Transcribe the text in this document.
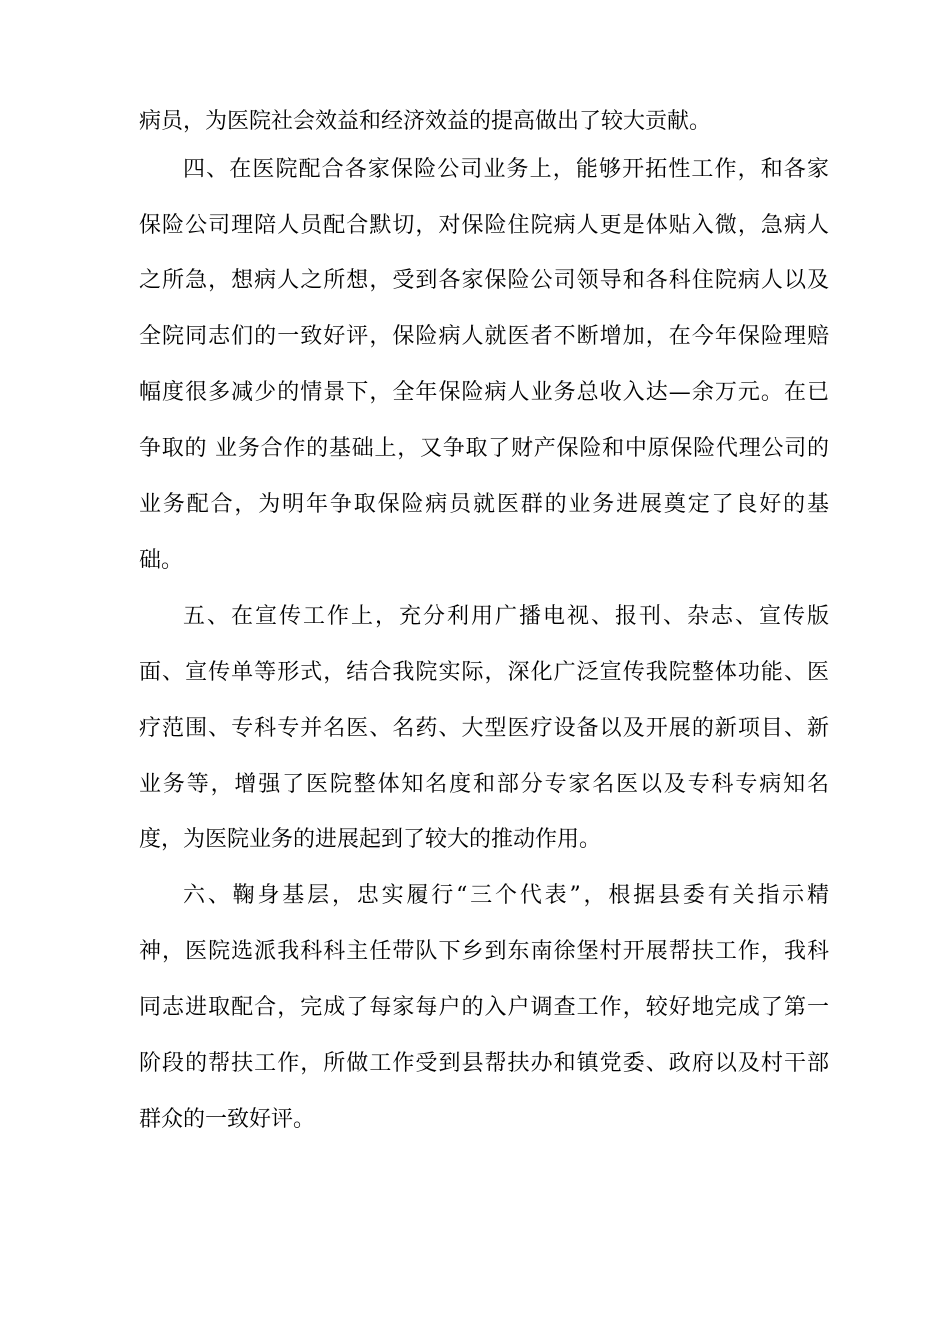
病员，为医院社会效益和经济效益的提高做出了较大贡献。
四、在医院配合各家保险公司业务上，能够开拓性工作，和各家
保险公司理陪人员配合默切，对保险住院病人更是体贴入微，急病人
之所急，想病人之所想，受到各家保险公司领导和各科住院病人以及
全院同志们的一致好评，保险病人就医者不断增加，在今年保险理赔
幅度很多减少的情景下，全年保险病人业务总收入达—余万元。在已
争取的 业务合作的基础上，又争取了财产保险和中原保险代理公司的
业务配合，为明年争取保险病员就医群的业务进展奠定了良好的基
础。
五、在宣传工作上，充分利用广播电视、报刊、杂志、宣传版
面、宣传单等形式，结合我院实际，深化广泛宣传我院整体功能、医
疗范围、专科专并名医、名药、大型医疗设备以及开展的新项目、新
业务等，增强了医院整体知名度和部分专家名医以及专科专病知名
度，为医院业务的进展起到了较大的推动作用。
六、鞠身基层，忠实履行“三个代表”，根据县委有关指示精
神，医院选派我科科主任带队下乡到东南徐堡村开展帮扶工作，我科
同志进取配合，完成了每家每户的入户调查工作，较好地完成了第一
阶段的帮扶工作，所做工作受到县帮扶办和镇党委、政府以及村干部
群众的一致好评。
